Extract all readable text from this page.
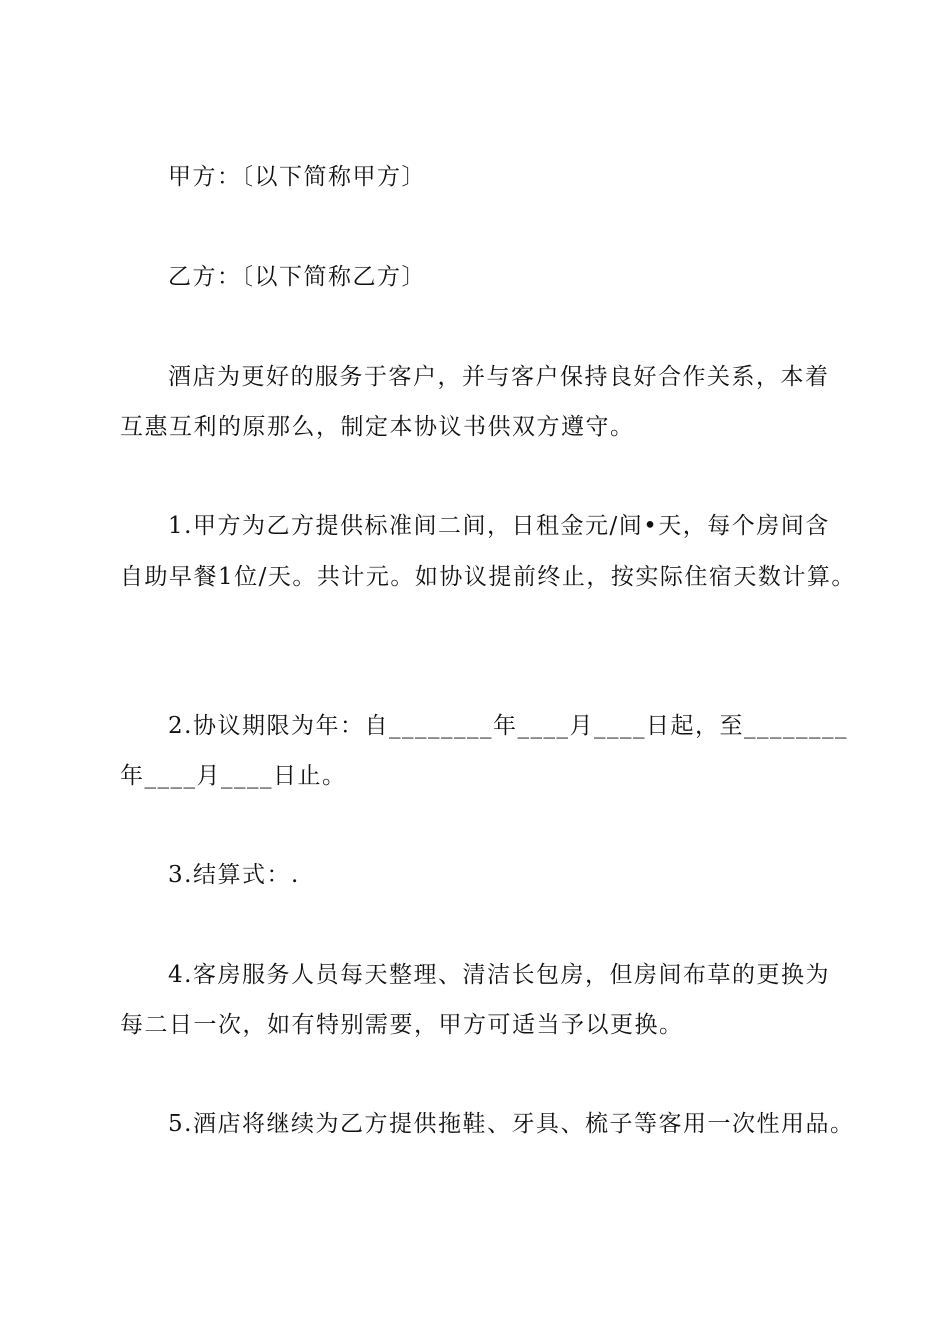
甲方：〔以下简称甲方〕
乙方：〔以下简称乙方〕
酒店为更好的服务于客户，并与客户保持良好合作关系，本着
互惠互利的原那么，制定本协议书供双方遵守。
1.甲方为乙方提供标准间二间，日租金元/间•天，每个房间含
自助早餐1位/天。共计元。如协议提前终止，按实际住宿天数计算。
2.协议期限为年：自________年____月____日起，至________
年____月____日止。
3.结算式：.
4.客房服务人员每天整理、清洁长包房，但房间布草的更换为
每二日一次，如有特别需要，甲方可适当予以更换。
5.酒店将继续为乙方提供拖鞋、牙具、梳子等客用一次性用品。
